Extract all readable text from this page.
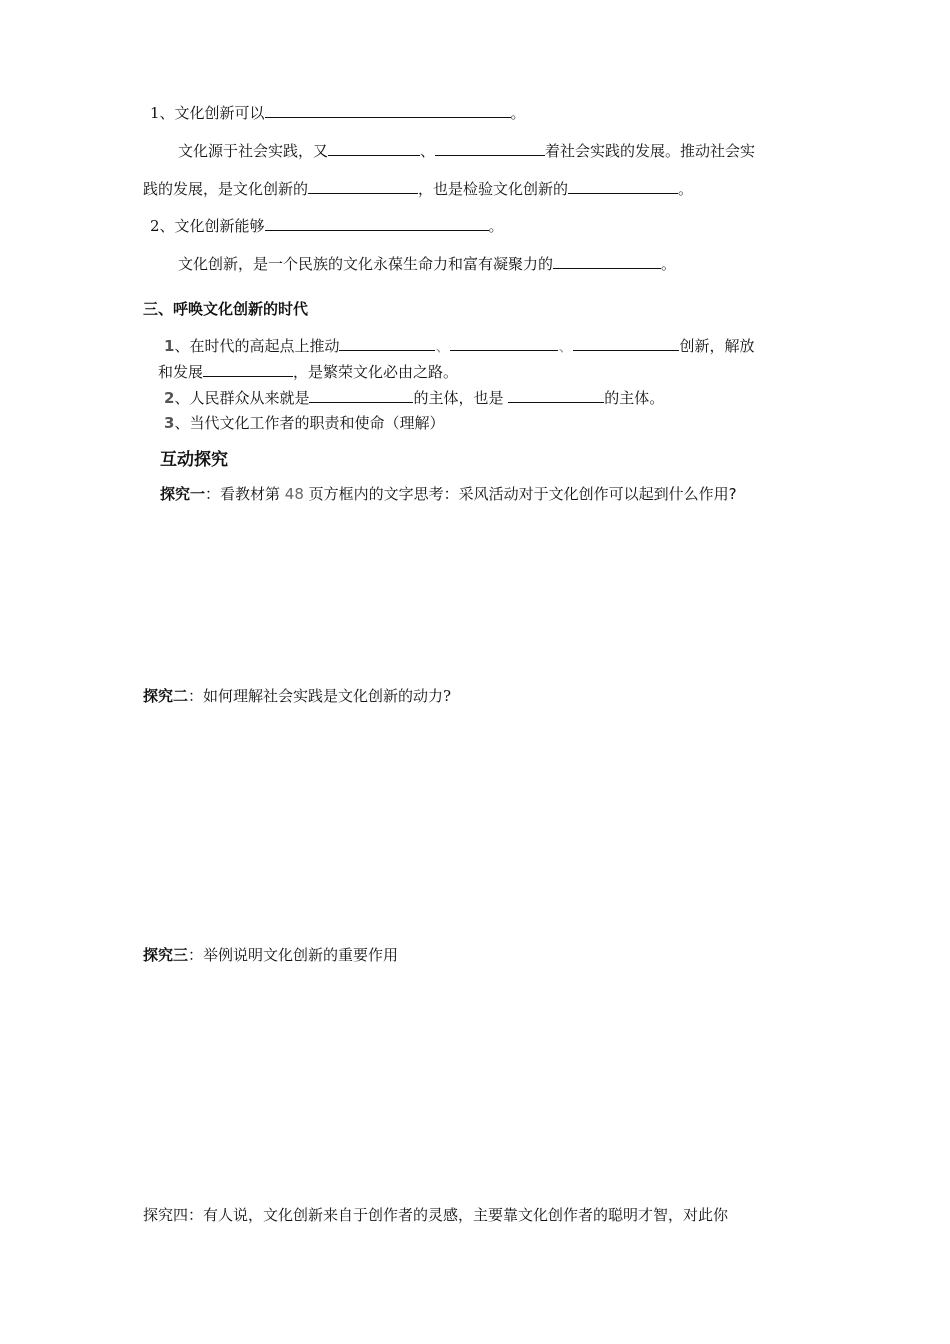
1、文化创新可以	。
文化源于社会实践，又	、	着社会实践的发展。推动社会实
践的发展，是文化创新的	，也是检验文化创新的	。
2、文化创新能够	。
文化创新，是一个民族的文化永葆生命力和富有凝聚力的	。
三、呼唤文化创新的时代
1、在时代的高起点上推动	、	、	创新，解放
和发展	，是繁荣文化必由之路。
2、人民群众从来就是	的主体，也是	的主体。
3、当代文化工作者的职责和使命（理解）
互动探究
探究一：看教材第 48 页方框内的文字思考：采风活动对于文化创作可以起到什么作用?
探究二：如何理解社会实践是文化创新的动力?
探究三：举例说明文化创新的重要作用
探究四：有人说，文化创新来自于创作者的灵感，主要靠文化创作者的聪明才智，对此你
